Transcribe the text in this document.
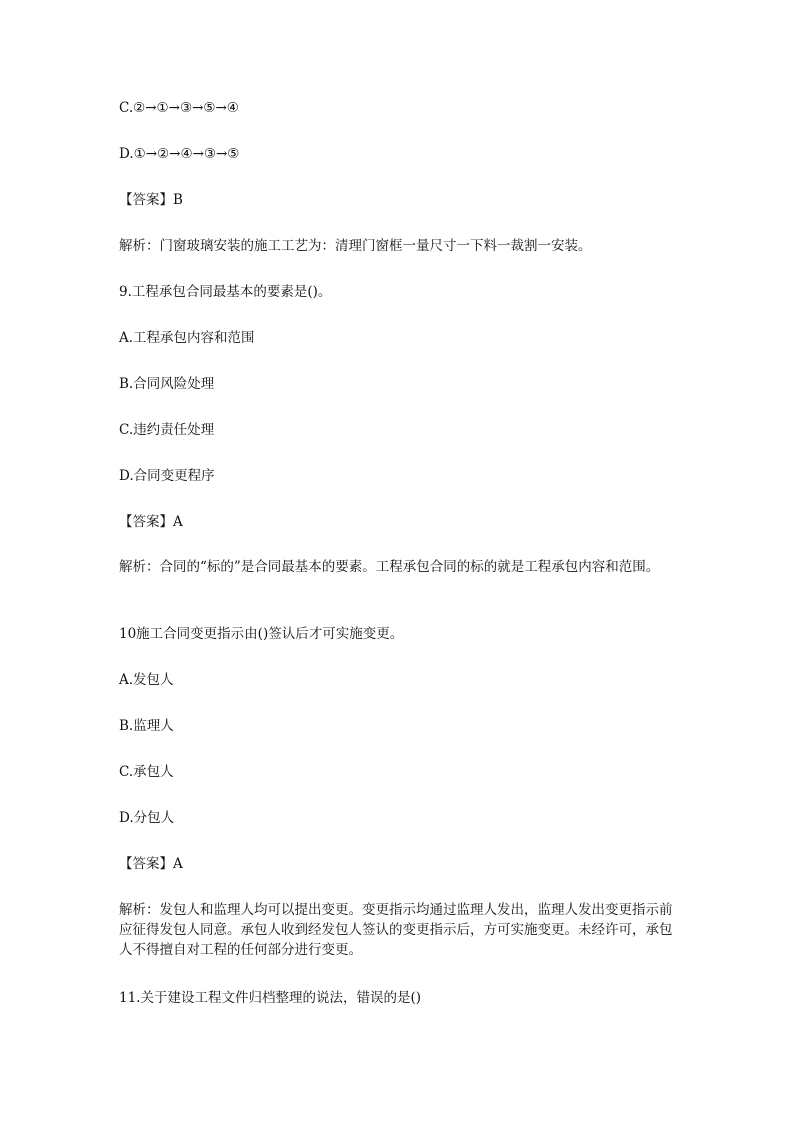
C.②→①→③→⑤→④
D.①→②→④→③→⑤
【答案】B
解析：门窗玻璃安装的施工工艺为：清理门窗框一量尺寸一下料一裁割一安装。
9.工程承包合同最基本的要素是()。
A.工程承包内容和范围
B.合同风险处理
C.违约责任处理
D.合同变更程序
【答案】A
解析：合同的“标的”是合同最基本的要素。工程承包合同的标的就是工程承包内容和范围。
10施工合同变更指示由()签认后才可实施变更。
A.发包人
B.监理人
C.承包人
D.分包人
【答案】A
解析：发包人和监理人均可以提出变更。变更指示均通过监理人发出，监理人发出变更指示前应征得发包人同意。承包人收到经发包人签认的变更指示后，方可实施变更。未经许可，承包人不得擅自对工程的任何部分进行变更。
11.关于建设工程文件归档整理的说法，错误的是()
